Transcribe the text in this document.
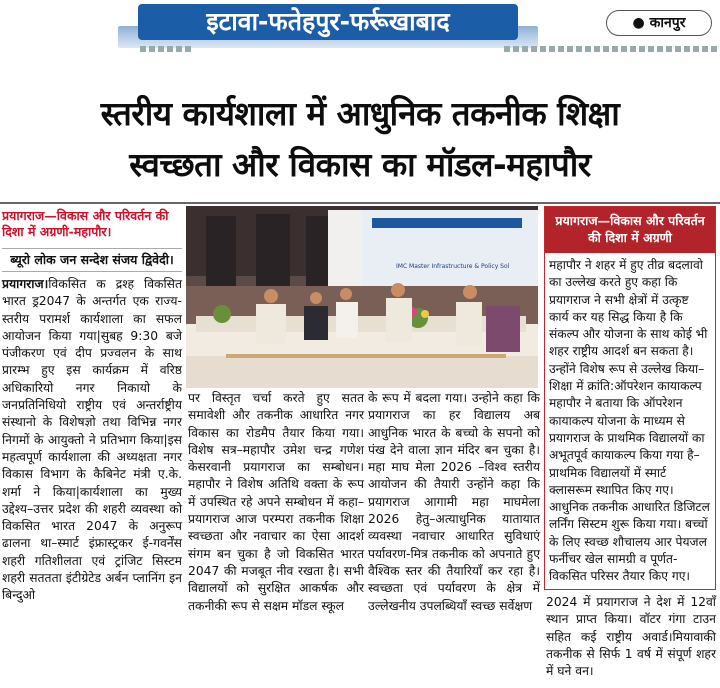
इटावा-फतेहपुर-फर्रूखाबाद	● कानपुर
स्तरीय कार्यशाला में आधुनिक तकनीक शिक्षा
स्वच्छता और विकास का मॉडल-महापौर
प्रयागराज—विकास और परिवर्तन की दिशा में अग्रणी-महापौर।
ब्यूरो लोक जन सन्देश संजय द्विवेदी।
प्रयागराज।विकसित क द्रश्ह विकसित भारत ड्र2047 के अन्तर्गत एक राज्य-स्तरीय परामर्श कार्यशाला का सफल आयोजन किया गया|सुबह 9:30 बजे पंजीकरण एवं दीप प्रज्वलन के साथ प्रारम्भ हुए इस कार्यक्रम में वरिष्ठ अधिकारियो नगर निकायो के जनप्रतिनिधियो राष्ट्रीय एवं अन्तर्राष्ट्रीय संस्थानो के विशेषज्ञो तथा विभिन्न नगर निगमों के आयुक्तो ने प्रतिभाग किया|इस महत्वपूर्ण कार्यशाला की अध्यक्षता नगर विकास विभाग के कैबिनेट मंत्री ए.के. शर्मा ने किया|कार्यशाला का मुख्य उद्देश्य–उत्तर प्रदेश की शहरी व्यवस्था को विकसित भारत 2047 के अनुरूप ढालना था–स्मार्ट इंफ्रास्ट्रकर ई-गवर्नेंस शहरी गतिशीलता एवं ट्रांजिट सिस्टम शहरी सततता इंटीग्रेटेड अर्बन प्लानिंग इन बिन्दुओ
IMC Master Infrastructure & Policy Sol
पर विस्तृत चर्चा करते हुए सतत समावेशी और तकनीक आधारित नगर विकास का रोडमैप तैयार किया गया। विशेष सत्र–महापौर उमेश चन्द्र गणेश केसरवानी प्रयागराज का सम्बोधन। महापौर ने विशेष अतिथि वक्ता के रूप में उपस्थित रहे अपने सम्बोधन में कहा–प्रयागराज आज परम्परा तकनीक शिक्षा स्वच्छता और नवाचार का ऐसा आदर्श संगम बन चुका है जो विकसित भारत 2047 की मजबूत नीव रखता है। सभी विद्यालयों को सुरक्षित आकर्षक और तकनीकी रूप से सक्षम मॉडल स्कूल
के रूप में बदला गया। उन्होने कहा कि प्रयागराज का हर विद्यालय अब आधुनिक भारत के बच्चो के सपनो को पंख देने वाला ज्ञान मंदिर बन चुका है। महा माघ मेला 2026 –विश्व स्तरीय आयोजन की तैयारी उन्होंने कहा कि प्रयागराज आगामी महा माघमेला 2026 हेतु–अत्याधुनिक यातायात व्यवस्था नवाचार आधारित सुविधाएं पर्यावरण-मित्र तकनीक को अपनाते हुए वैश्विक स्तर की तैयारियाँ कर रहा है। स्वच्छता एवं पर्यावरण के क्षेत्र में उल्लेखनीय उपलब्धियाँ स्वच्छ सर्वेक्षण
प्रयागराज—विकास और परिवर्तन की दिशा में अग्रणी
महापौर ने शहर में हुए तीव्र बदलावो का उल्लेख करते हुए कहा कि प्रयागराज ने सभी क्षेत्रों में उत्कृष्ट कार्य कर यह सिद्ध किया है कि संकल्प और योजना के साथ कोई भी शहर राष्ट्रीय आदर्श बन सकता है। उन्होंने विशेष रूप से उल्लेख किया–शिक्षा में क्रांति:ऑपरेशन कायाकल्प महापौर ने बताया कि ऑपरेशन कायाकल्प योजना के माध्यम से प्रयागराज के प्राथमिक विद्यालयों का अभूतपूर्व कायाकल्प किया गया है– प्राथमिक विद्यालयों में स्मार्ट क्लासरूम स्थापित किए गए। आधुनिक तकनीक आधारित डिजिटल लर्निंग सिस्टम शुरू किया गया। बच्चों के लिए स्वच्छ शौचालय आर पेयजल फर्नीचर खेल सामग्री व पूर्णत-विकसित परिसर तैयार किए गए।
2024 में प्रयागराज ने देश में 12वाँ स्थान प्राप्त किया। वॉटर गंगा टाउन सहित कई राष्ट्रीय अवार्ड।मियावाकी तकनीक से सिर्फ 1 वर्ष में संपूर्ण शहर में घने वन।
